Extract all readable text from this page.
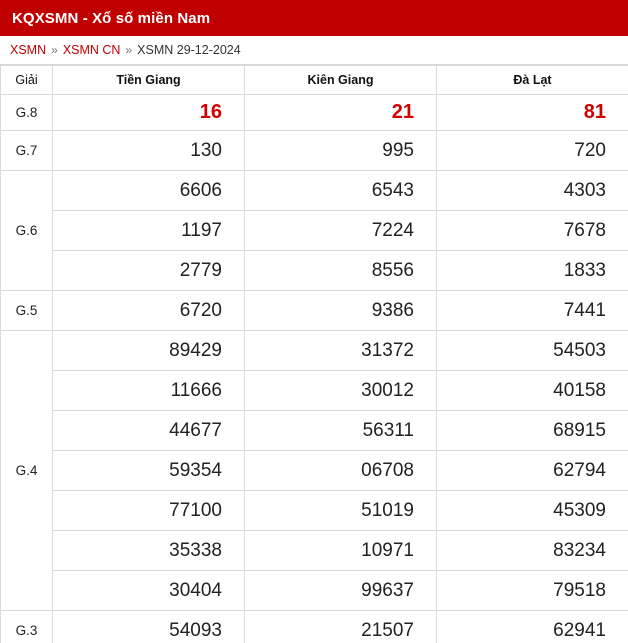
KQXSMN - Xổ số miền Nam
XSMN » XSMN CN » XSMN 29-12-2024
Giải	Tiền Giang	Kiên Giang	Đà Lạt
G.8	16	21	81
G.7	130	995	720
G.6	6606	6543	4303
	1197	7224	7678
	2779	8556	1833
G.5	6720	9386	7441
G.4	89429	31372	54503
	11666	30012	40158
	44677	56311	68915
	59354	06708	62794
	77100	51019	45309
	35338	10971	83234
	30404	99637	79518
G.3	54093	21507	62941
